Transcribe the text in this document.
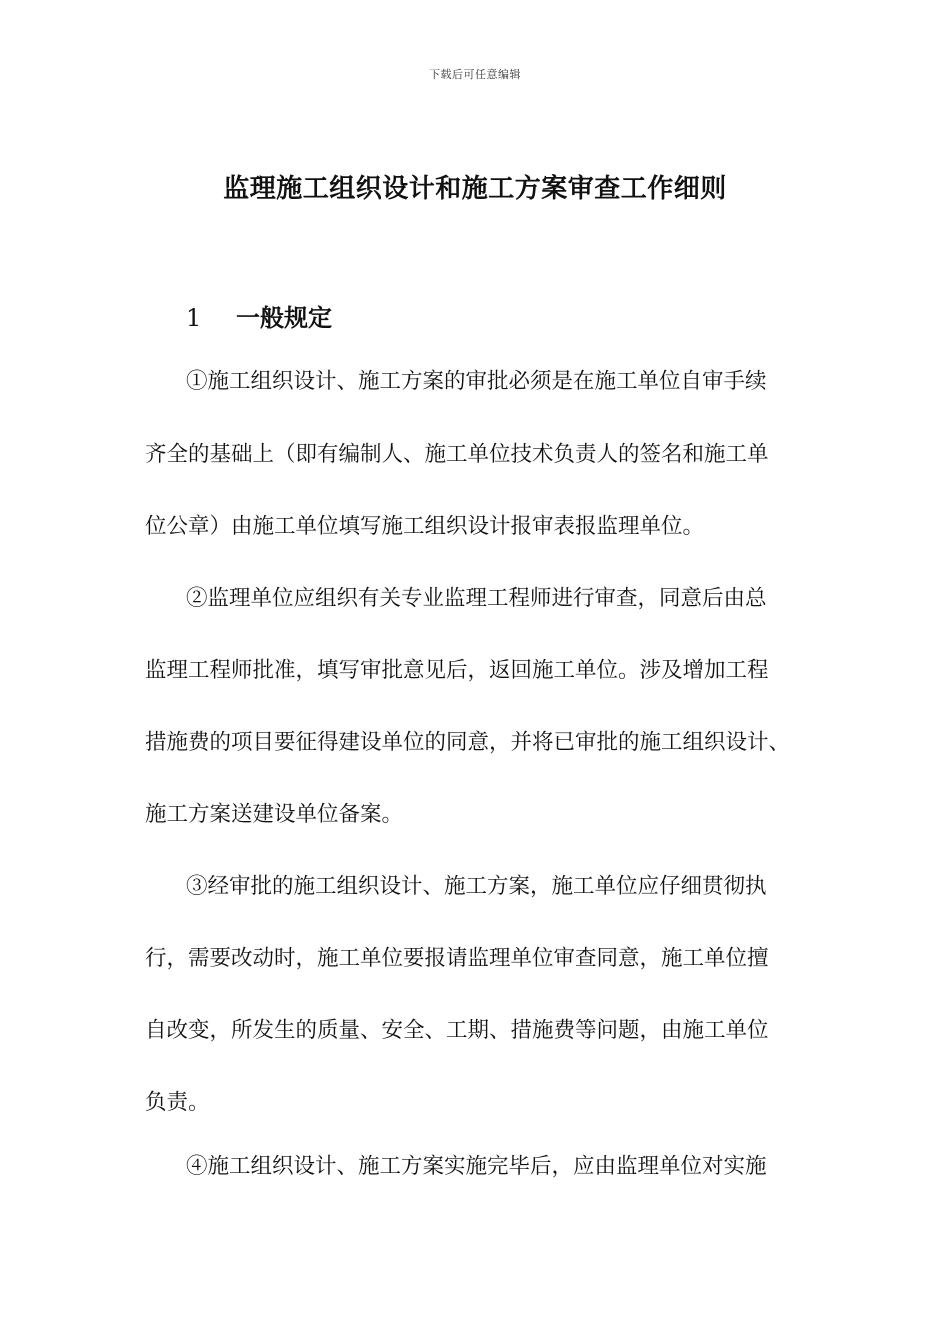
下载后可任意编辑
监理施工组织设计和施工方案审查工作细则
1 一般规定

①施工组织设计、施工方案的审批必须是在施工单位自审手续

齐全的基础上（即有编制人、施工单位技术负责人的签名和施工单

位公章）由施工单位填写施工组织设计报审表报监理单位。

②监理单位应组织有关专业监理工程师进行审查，同意后由总

监理工程师批准，填写审批意见后，返回施工单位。涉及增加工程

措施费的项目要征得建设单位的同意，并将已审批的施工组织设计、

施工方案送建设单位备案。

③经审批的施工组织设计、施工方案，施工单位应仔细贯彻执

行，需要改动时，施工单位要报请监理单位审查同意，施工单位擅

自改变，所发生的质量、安全、工期、措施费等问题，由施工单位

负责。

④施工组织设计、施工方案实施完毕后，应由监理单位对实施
